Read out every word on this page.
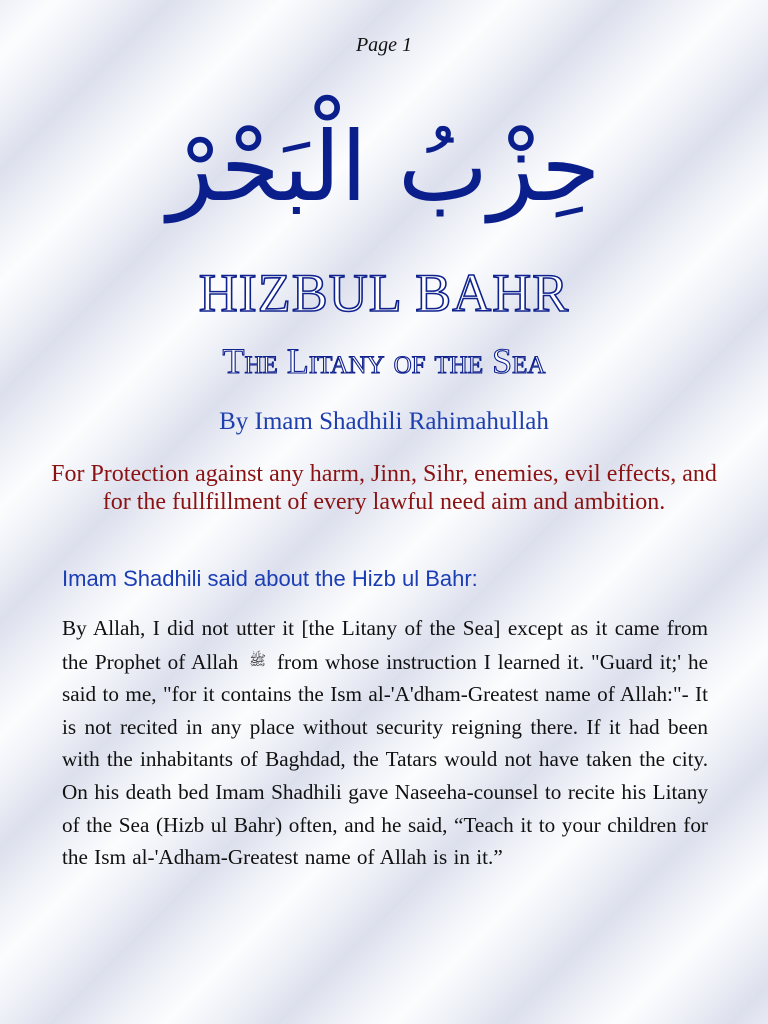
Page 1
حِزْبُ الْبَحْرْ
HIZBUL BAHR
The Litany of the Sea
By Imam Shadhili Rahimahullah
For Protection against any harm, Jinn, Sihr, enemies, evil effects, and for the fullfillment of every lawful need aim and ambition.
Imam Shadhili said about the Hizb ul Bahr:
By Allah, I did not utter it [the Litany of the Sea] except as it came from the Prophet of Allah ﷺ from whose instruction I learned it. "Guard it;' he said to me, "for it contains the Ism al-'A'dham-Greatest name of Allah:"- It is not recited in any place without security reigning there. If it had been with the inhabitants of Baghdad, the Tatars would not have taken the city. On his death bed Imam Shadhili gave Naseeha-counsel to recite his Litany of the Sea (Hizb ul Bahr) often, and he said, “Teach it to your children for the Ism al-'Adham-Greatest name of Allah is in it.”
